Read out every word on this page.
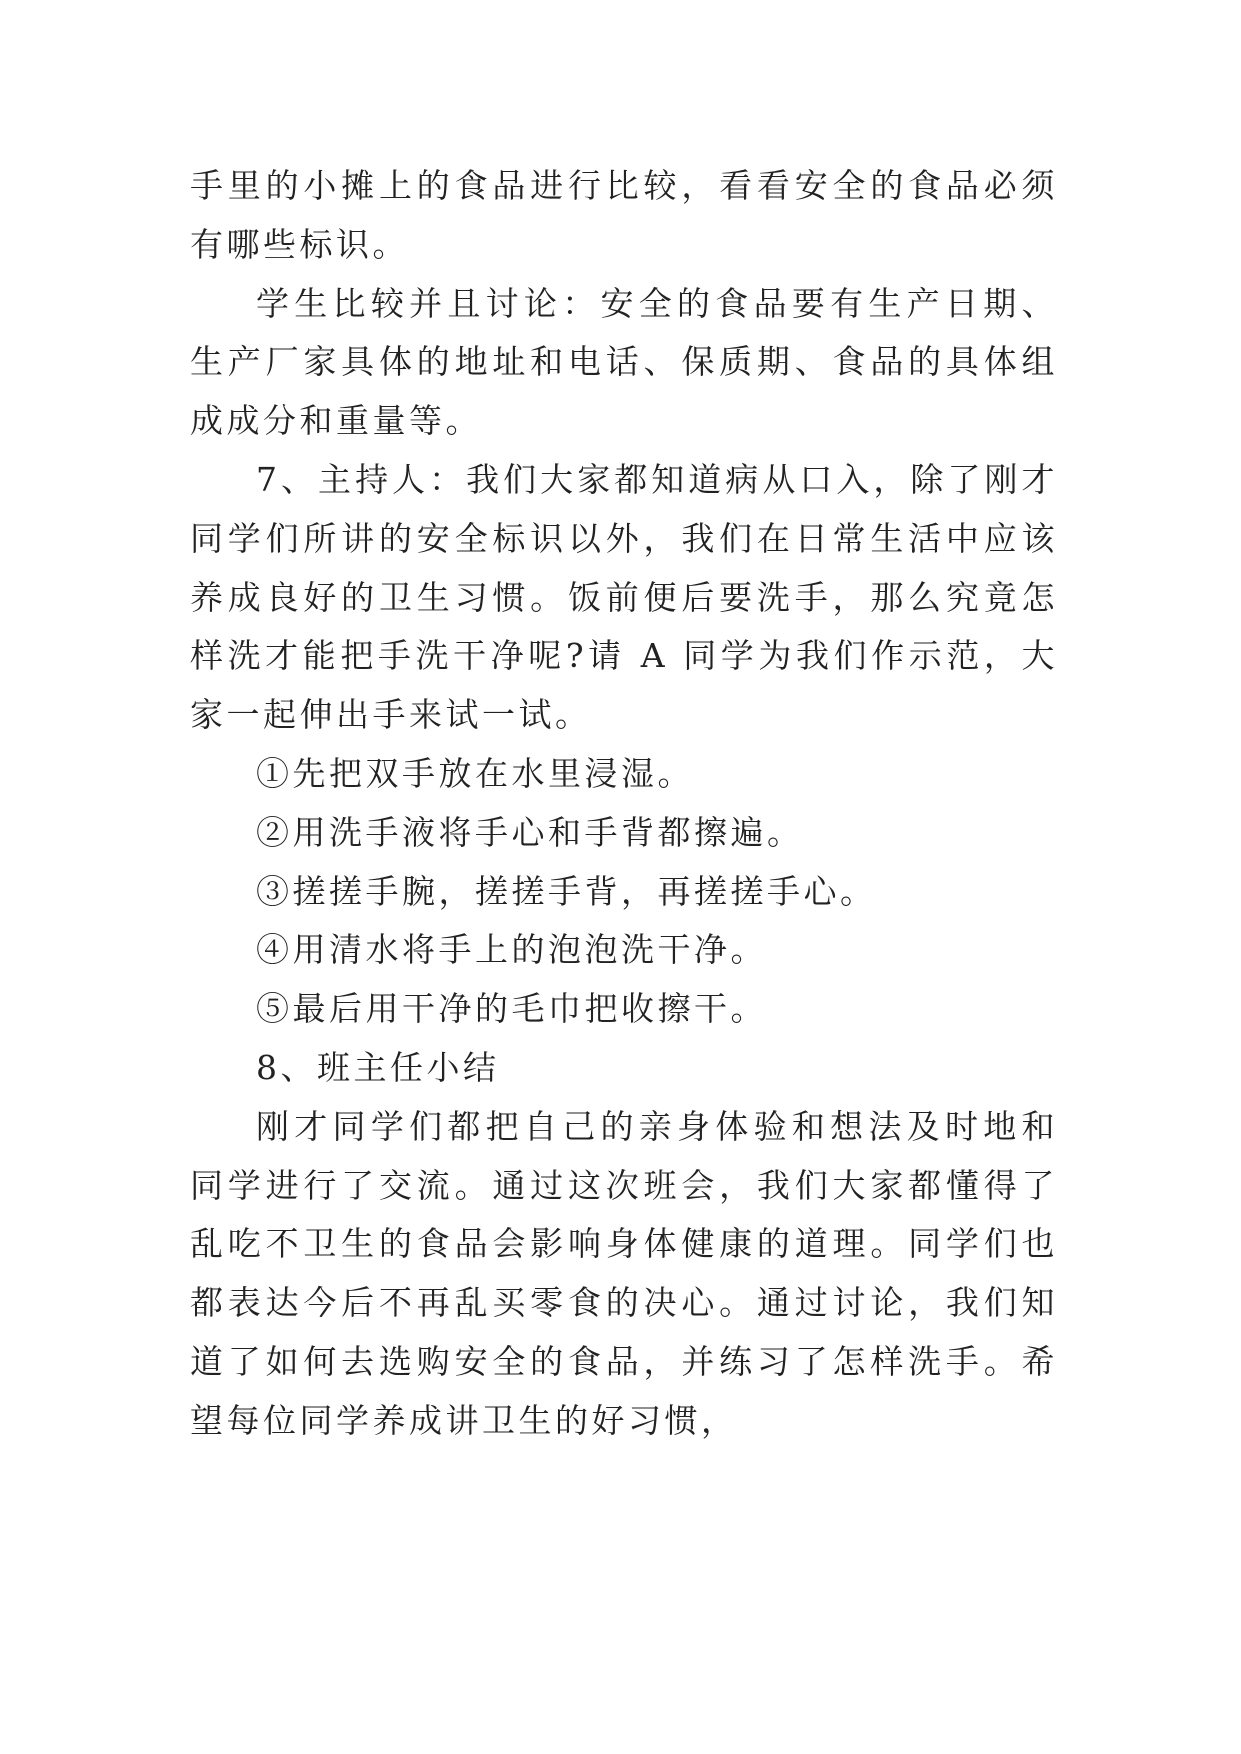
手里的小摊上的食品进行比较，看看安全的食品必须有哪些标识。

学生比较并且讨论：安全的食品要有生产日期、生产厂家具体的地址和电话、保质期、食品的具体组成成分和重量等。

7、主持人：我们大家都知道病从口入，除了刚才同学们所讲的安全标识以外，我们在日常生活中应该养成良好的卫生习惯。饭前便后要洗手，那么究竟怎样洗才能把手洗干净呢?请 A 同学为我们作示范，大家一起伸出手来试一试。

①先把双手放在水里浸湿。

②用洗手液将手心和手背都擦遍。

③搓搓手腕，搓搓手背，再搓搓手心。

④用清水将手上的泡泡洗干净。

⑤最后用干净的毛巾把收擦干。

8、班主任小结

刚才同学们都把自己的亲身体验和想法及时地和同学进行了交流。通过这次班会，我们大家都懂得了乱吃不卫生的食品会影响身体健康的道理。同学们也都表达今后不再乱买零食的决心。通过讨论，我们知道了如何去选购安全的食品，并练习了怎样洗手。希望每位同学养成讲卫生的好习惯，
